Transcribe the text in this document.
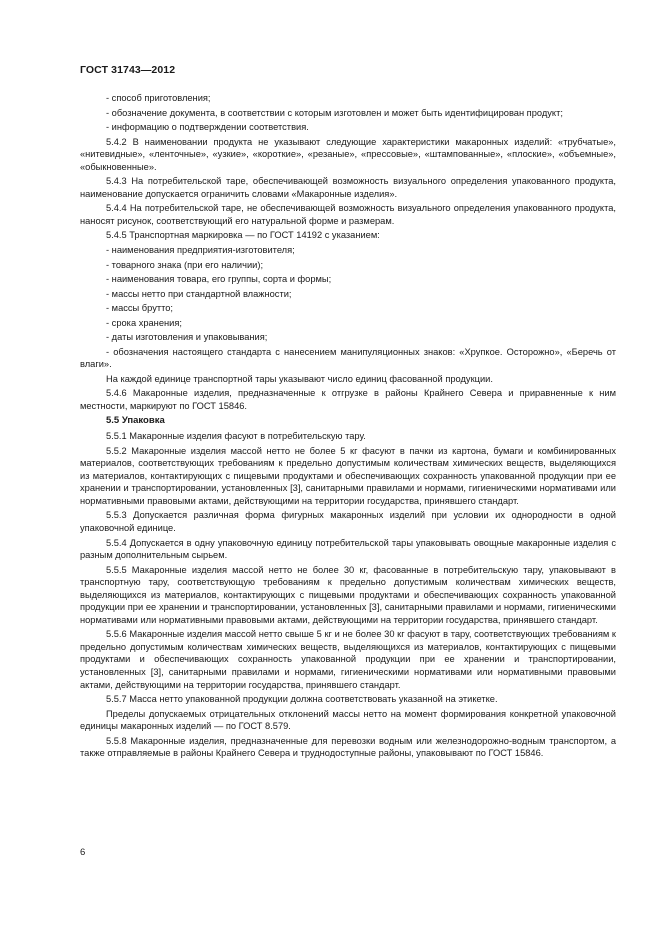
ГОСТ 31743—2012

- способ приготовления;

- обозначение документа, в соответствии с которым изготовлен и может быть идентифицирован продукт;

- информацию о подтверждении соответствия.

5.4.2 В наименовании продукта не указывают следующие характеристики макаронных изделий: «трубчатые», «нитевидные», «ленточные», «узкие», «короткие», «резаные», «прессовые», «штампованные», «плоские», «объемные», «обыкновенные».

5.4.3 На потребительской таре, обеспечивающей возможность визуального определения упакованного продукта, наименование допускается ограничить словами «Макаронные изделия».

5.4.4 На потребительской таре, не обеспечивающей возможность визуального определения упакованного продукта, наносят рисунок, соответствующий его натуральной форме и размерам.

5.4.5 Транспортная маркировка — по ГОСТ 14192 с указанием:

- наименования предприятия-изготовителя;

- товарного знака (при его наличии);

- наименования товара, его группы, сорта и формы;

- массы нетто при стандартной влажности;

- массы брутто;

- срока хранения;

- даты изготовления и упаковывания;

- обозначения настоящего стандарта с нанесением манипуляционных знаков: «Хрупкое. Осторожно», «Беречь от влаги».

На каждой единице транспортной тары указывают число единиц фасованной продукции.

5.4.6 Макаронные изделия, предназначенные к отгрузке в районы Крайнего Севера и приравненные к ним местности, маркируют по ГОСТ 15846.

5.5 Упаковка

5.5.1 Макаронные изделия фасуют в потребительскую тару.

5.5.2 Макаронные изделия массой нетто не более 5 кг фасуют в пачки из картона, бумаги и комбинированных материалов, соответствующих требованиям к предельно допустимым количествам химических веществ, выделяющихся из материалов, контактирующих с пищевыми продуктами и обеспечивающих сохранность упакованной продукции при ее хранении и транспортировании, установленных [3], санитарными правилами и нормами, гигиеническими нормативами или нормативными правовыми актами, действующими на территории государства, принявшего стандарт.

5.5.3 Допускается различная форма фигурных макаронных изделий при условии их однородности в одной упаковочной единице.

5.5.4 Допускается в одну упаковочную единицу потребительской тары упаковывать овощные макаронные изделия с разным дополнительным сырьем.

5.5.5 Макаронные изделия массой нетто не более 30 кг, фасованные в потребительскую тару, упаковывают в транспортную тару, соответствующую требованиям к предельно допустимым количествам химических веществ, выделяющихся из материалов, контактирующих с пищевыми продуктами и обеспечивающих сохранность упакованной продукции при ее хранении и транспортировании, установленных [3], санитарными правилами и нормами, гигиеническими нормативами или нормативными правовыми актами, действующими на территории государства, принявшего стандарт.

5.5.6 Макаронные изделия массой нетто свыше 5 кг и не более 30 кг фасуют в тару, соответствующих требованиям к предельно допустимым количествам химических веществ, выделяющихся из материалов, контактирующих с пищевыми продуктами и обеспечивающих сохранность упакованной продукции при ее хранении и транспортировании, установленных [3], санитарными правилами и нормами, гигиеническими нормативами или нормативными правовыми актами, действующими на территории государства, принявшего стандарт.

5.5.7 Масса нетто упакованной продукции должна соответствовать указанной на этикетке.

Пределы допускаемых отрицательных отклонений массы нетто на момент формирования конкретной упаковочной единицы макаронных изделий — по ГОСТ 8.579.

5.5.8 Макаронные изделия, предназначенные для перевозки водным или железнодорожно-водным транспортом, а также отправляемые в районы Крайнего Севера и труднодоступные районы, упаковывают по ГОСТ 15846.

6
